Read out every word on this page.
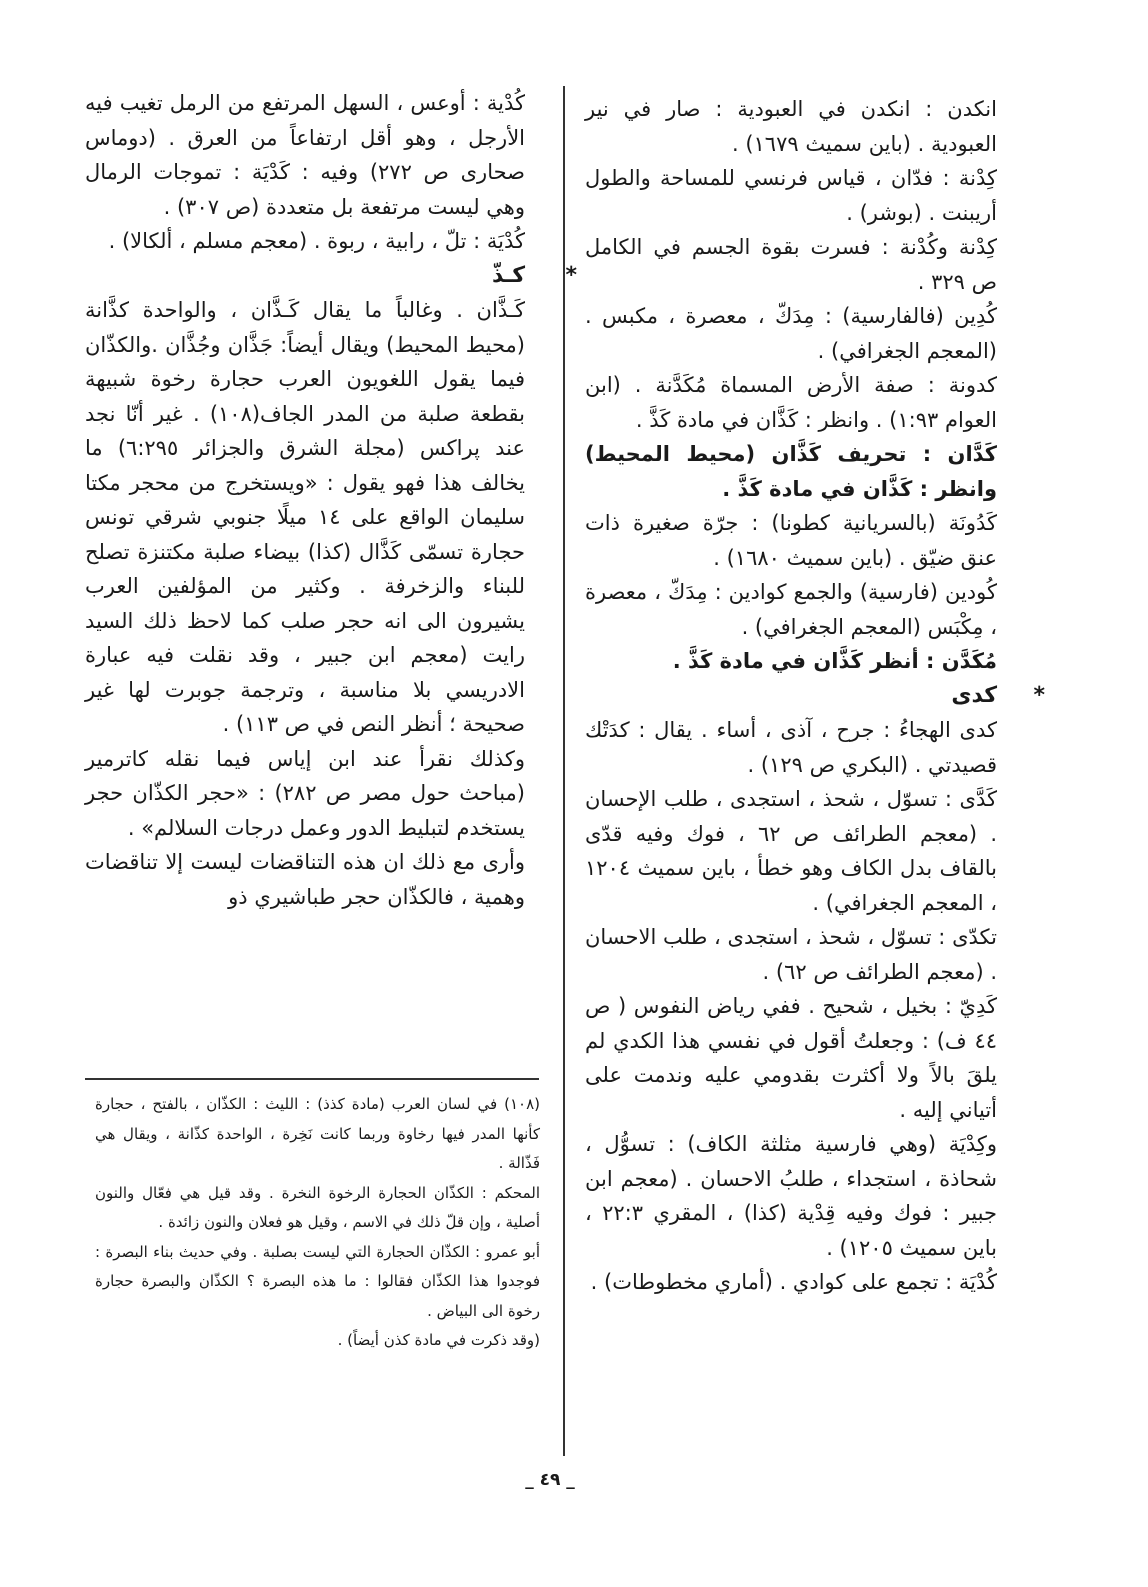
انكدن : انكدن في العبودية : صار في نير العبودية . (باين سميث ١٦٧٩) .

كِدْنة : فدّان ، قياس فرنسي للمساحة والطول أريبنت . (بوشر) .

كِدْنة وكُدْنة : فسرت بقوة الجسم في الكامل ص ٣٢٩ .

كُدِين (فالفارسية) : مِدَكّ ، معصرة ، مكبس . (المعجم الجغرافي) .

كدونة : صفة الأرض المسماة مُكَدَّنة . (ابن العوام ١:٩٣) . وانظر : كَذَّان في مادة كَذَّ .

كَدَّان : تحريف كَذَّان (محيط المحيط) وانظر : كَذَّان في مادة كَذَّ .

كَدُونَة (بالسريانية كطونا) : جرّة صغيرة ذات عنق ضيّق . (باين سميث ١٦٨٠) .

كُودين (فارسية) والجمع كوادين : مِدَكّ ، معصرة ، مِكْبَس (المعجم الجغرافي) .

مُكَدَّن : أنظر كَذَّان في مادة كَذَّ .

*
كدى

كدى الهجاءُ : جرح ، آذى ، أساء . يقال : كدَتْك قصيدتي . (البكري ص ١٢٩) .

كَدَّى : تسوّل ، شحذ ، استجدى ، طلب الإحسان . (معجم الطرائف ص ٦٢ ، فوك وفيه قدّى بالقاف بدل الكاف وهو خطأ ، باين سميث ١٢٠٤ ، المعجم الجغرافي) .

تكدّى : تسوّل ، شحذ ، استجدى ، طلب الاحسان . (معجم الطرائف ص ٦٢) .

كَدِيّ : بخيل ، شحيح . ففي رياض النفوس ( ص ٤٤ ف) : وجعلتُ أقول في نفسي هذا الكدي لم يلقَ بالاً ولا أكثرت بقدومي عليه وندمت على أتياني إليه .

وكِدْيَة (وهي فارسية مثلثة الكاف) : تسوُّل ، شحاذة ، استجداء ، طلبُ الاحسان . (معجم ابن جبير : فوك وفيه قِدْية (كذا) ، المقري ٢٢:٣ ، باين سميث ١٢٠٥) .

كُدْيَة : تجمع على كوادي . (أماري مخطوطات) .

كُدْية : أوعس ، السهل المرتفع من الرمل تغيب فيه الأرجل ، وهو أقل ارتفاعاً من العرق . (دوماس صحارى ص ٢٧٢) وفيه : كَدْيَة : تموجات الرمال وهي ليست مرتفعة بل متعددة (ص ٣٠٧) .

كُدْيَة : تلّ ، رابية ، ربوة . (معجم مسلم ، ألكالا) .

*
كـذّ

كَـذَّان . وغالباً ما يقال كَـذَّان ، والواحدة كذَّانة (محيط المحيط) ويقال أيضاً: جَذَّان وجُذَّان .والكذّان فيما يقول اللغويون العرب حجارة رخوة شبيهة بقطعة صلبة من المدر الجاف(١٠٨) . غير أنّا نجد عند پراكس (مجلة الشرق والجزائر ٦:٢٩٥) ما يخالف هذا فهو يقول : «ويستخرج من محجر مكتا سليمان الواقع على ١٤ ميلًا جنوبي شرقي تونس حجارة تسمّى كَذَّال (كذا) بيضاء صلبة مكتنزة تصلح للبناء والزخرفة . وكثير من المؤلفين العرب يشيرون الى انه حجر صلب كما لاحظ ذلك السيد رايت (معجم ابن جبير ، وقد نقلت فيه عبارة الادريسي بلا مناسبة ، وترجمة جوبرت لها غير صحيحة ؛ أنظر النص في ص ١١٣) .

وكذلك نقرأ عند ابن إياس فيما نقله كاترمير (مباحث حول مصر ص ٢٨٢) : «حجر الكذّان حجر يستخدم لتبليط الدور وعمل درجات السلالم» .

وأرى مع ذلك ان هذه التناقضات ليست إلا تناقضات وهمية ، فالكذّان حجر طباشيري ذو

(١٠٨) في لسان العرب (مادة كذذ) : الليث : الكذّان ، بالفتح ، حجارة كأنها المدر فيها رخاوة وربما كانت نَخِرة ، الواحدة كذّانة ، ويقال هي فَذّالة .

المحكم : الكذّان الحجارة الرخوة النخرة . وقد قيل هي فعّال والنون أصلية ، وإن قلّ ذلك في الاسم ، وقيل هو فعلان والنون زائدة .

أبو عمرو : الكذّان الحجارة التي ليست بصلبة . وفي حديث بناء البصرة : فوجدوا هذا الكذّان فقالوا : ما هذه البصرة ؟ الكذّان والبصرة حجارة رخوة الى البياض .

(وقد ذكرت في مادة كذن أيضاً) .

_ ٤٩ _
